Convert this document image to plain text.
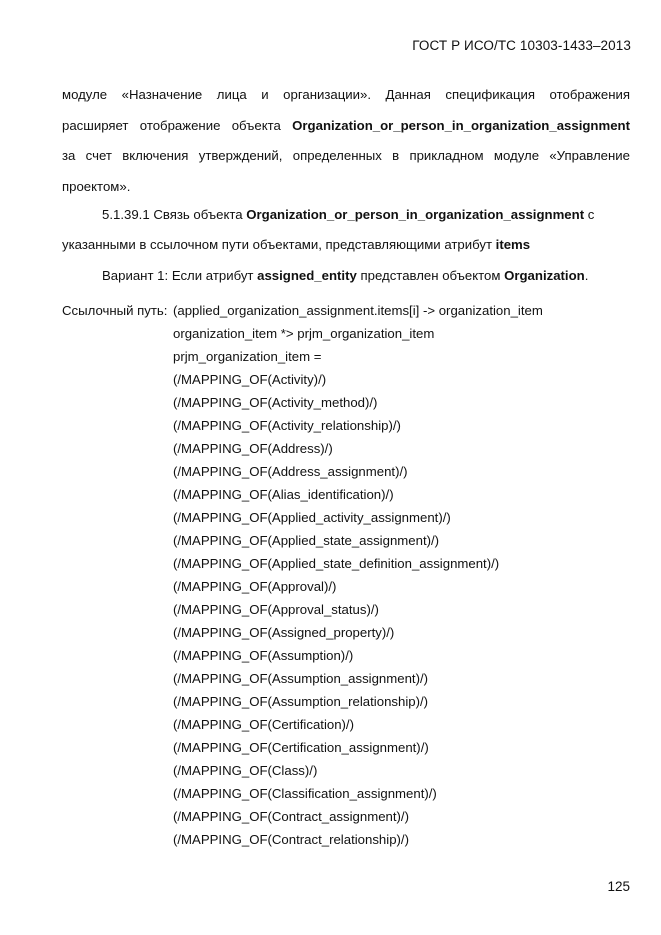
ГОСТ Р ИСО/ТС 10303-1433–2013
модуле «Назначение лица и организации». Данная спецификация отображения
расширяет отображение объекта Organization_or_person_in_organization_assignment
за счет включения утверждений, определенных в прикладном модуле «Управление
проектом».
5.1.39.1 Связь объекта Organization_or_person_in_organization_assignment с
указанными в ссылочном пути объектами, представляющими атрибут items
Вариант 1: Если атрибут assigned_entity представлен объектом Organization.
Ссылочный путь: (applied_organization_assignment.items[i] -> organization_item
organization_item *> prjm_organization_item
prjm_organization_item =
(/MAPPING_OF(Activity)/)
(/MAPPING_OF(Activity_method)/)
(/MAPPING_OF(Activity_relationship)/)
(/MAPPING_OF(Address)/)
(/MAPPING_OF(Address_assignment)/)
(/MAPPING_OF(Alias_identification)/)
(/MAPPING_OF(Applied_activity_assignment)/)
(/MAPPING_OF(Applied_state_assignment)/)
(/MAPPING_OF(Applied_state_definition_assignment)/)
(/MAPPING_OF(Approval)/)
(/MAPPING_OF(Approval_status)/)
(/MAPPING_OF(Assigned_property)/)
(/MAPPING_OF(Assumption)/)
(/MAPPING_OF(Assumption_assignment)/)
(/MAPPING_OF(Assumption_relationship)/)
(/MAPPING_OF(Certification)/)
(/MAPPING_OF(Certification_assignment)/)
(/MAPPING_OF(Class)/)
(/MAPPING_OF(Classification_assignment)/)
(/MAPPING_OF(Contract_assignment)/)
(/MAPPING_OF(Contract_relationship)/)
125
